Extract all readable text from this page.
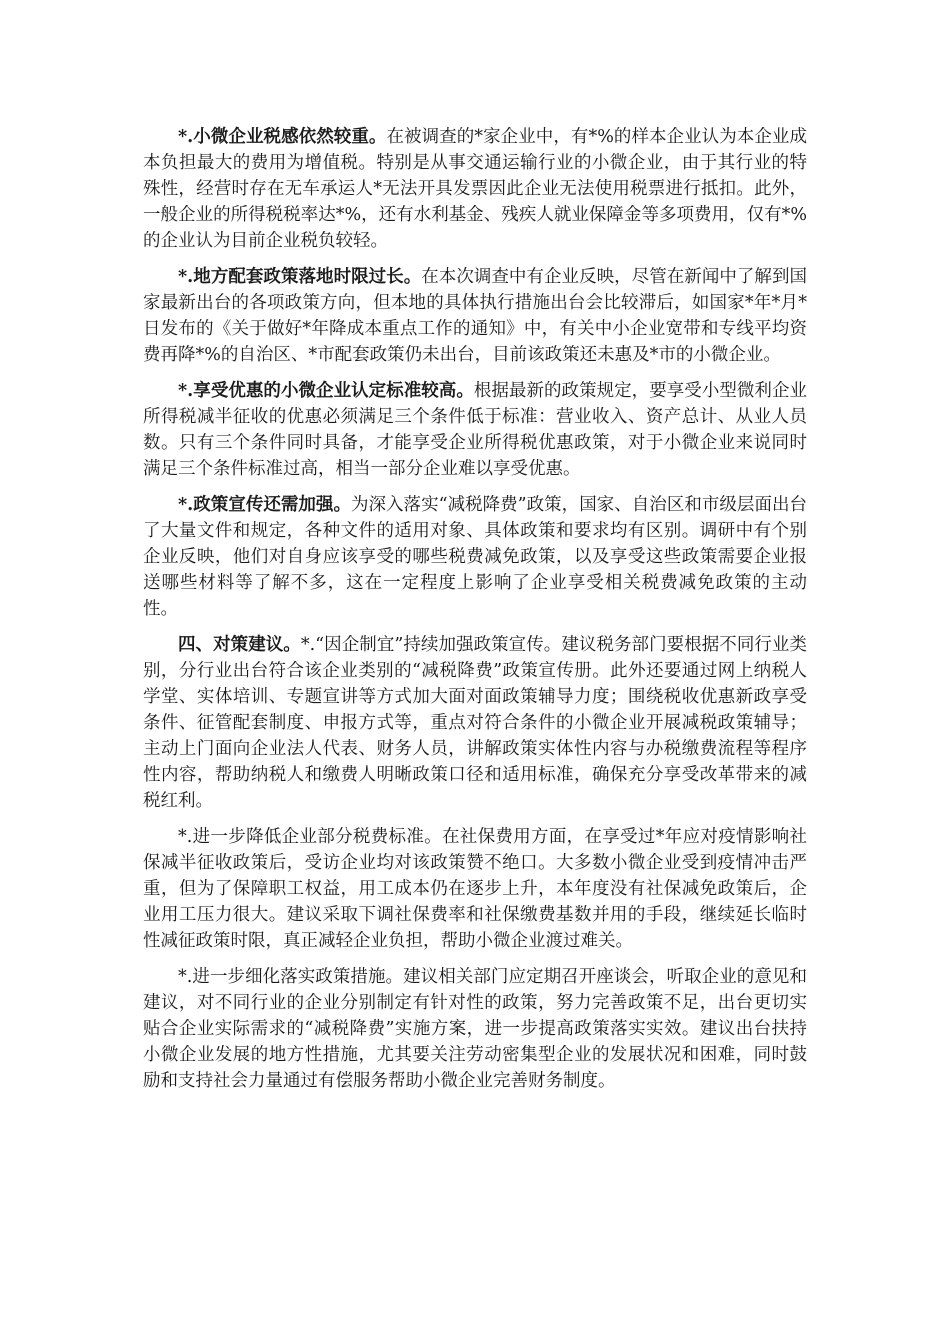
*.小微企业税感依然较重。在被调查的*家企业中，有*%的样本企业认为本企业成本负担最大的费用为增值税。特别是从事交通运输行业的小微企业，由于其行业的特殊性，经营时存在无车承运人*无法开具发票因此企业无法使用税票进行抵扣。此外，一般企业的所得税税率达*%，还有水利基金、残疾人就业保障金等多项费用，仅有*%的企业认为目前企业税负较轻。

*.地方配套政策落地时限过长。在本次调查中有企业反映，尽管在新闻中了解到国家最新出台的各项政策方向，但本地的具体执行措施出台会比较滞后，如国家*年*月*日发布的《关于做好*年降成本重点工作的通知》中，有关中小企业宽带和专线平均资费再降*%的自治区、*市配套政策仍未出台，目前该政策还未惠及*市的小微企业。

*.享受优惠的小微企业认定标准较高。根据最新的政策规定，要享受小型微利企业所得税减半征收的优惠必须满足三个条件低于标准：营业收入、资产总计、从业人员数。只有三个条件同时具备，才能享受企业所得税优惠政策，对于小微企业来说同时满足三个条件标准过高，相当一部分企业难以享受优惠。

*.政策宣传还需加强。为深入落实“减税降费”政策，国家、自治区和市级层面出台了大量文件和规定，各种文件的适用对象、具体政策和要求均有区别。调研中有个别企业反映，他们对自身应该享受的哪些税费减免政策，以及享受这些政策需要企业报送哪些材料等了解不多，这在一定程度上影响了企业享受相关税费减免政策的主动性。

四、对策建议。*.“因企制宜”持续加强政策宣传。建议税务部门要根据不同行业类别，分行业出台符合该企业类别的“减税降费”政策宣传册。此外还要通过网上纳税人学堂、实体培训、专题宣讲等方式加大面对面政策辅导力度；围绕税收优惠新政享受条件、征管配套制度、申报方式等，重点对符合条件的小微企业开展减税政策辅导；主动上门面向企业法人代表、财务人员，讲解政策实体性内容与办税缴费流程等程序性内容，帮助纳税人和缴费人明晰政策口径和适用标准，确保充分享受改革带来的减税红利。

*.进一步降低企业部分税费标准。在社保费用方面，在享受过*年应对疫情影响社保减半征收政策后，受访企业均对该政策赞不绝口。大多数小微企业受到疫情冲击严重，但为了保障职工权益，用工成本仍在逐步上升，本年度没有社保减免政策后，企业用工压力很大。建议采取下调社保费率和社保缴费基数并用的手段，继续延长临时性减征政策时限，真正减轻企业负担，帮助小微企业渡过难关。

*.进一步细化落实政策措施。建议相关部门应定期召开座谈会，听取企业的意见和建议，对不同行业的企业分别制定有针对性的政策，努力完善政策不足，出台更切实贴合企业实际需求的“减税降费”实施方案，进一步提高政策落实实效。建议出台扶持小微企业发展的地方性措施，尤其要关注劳动密集型企业的发展状况和困难，同时鼓励和支持社会力量通过有偿服务帮助小微企业完善财务制度。
